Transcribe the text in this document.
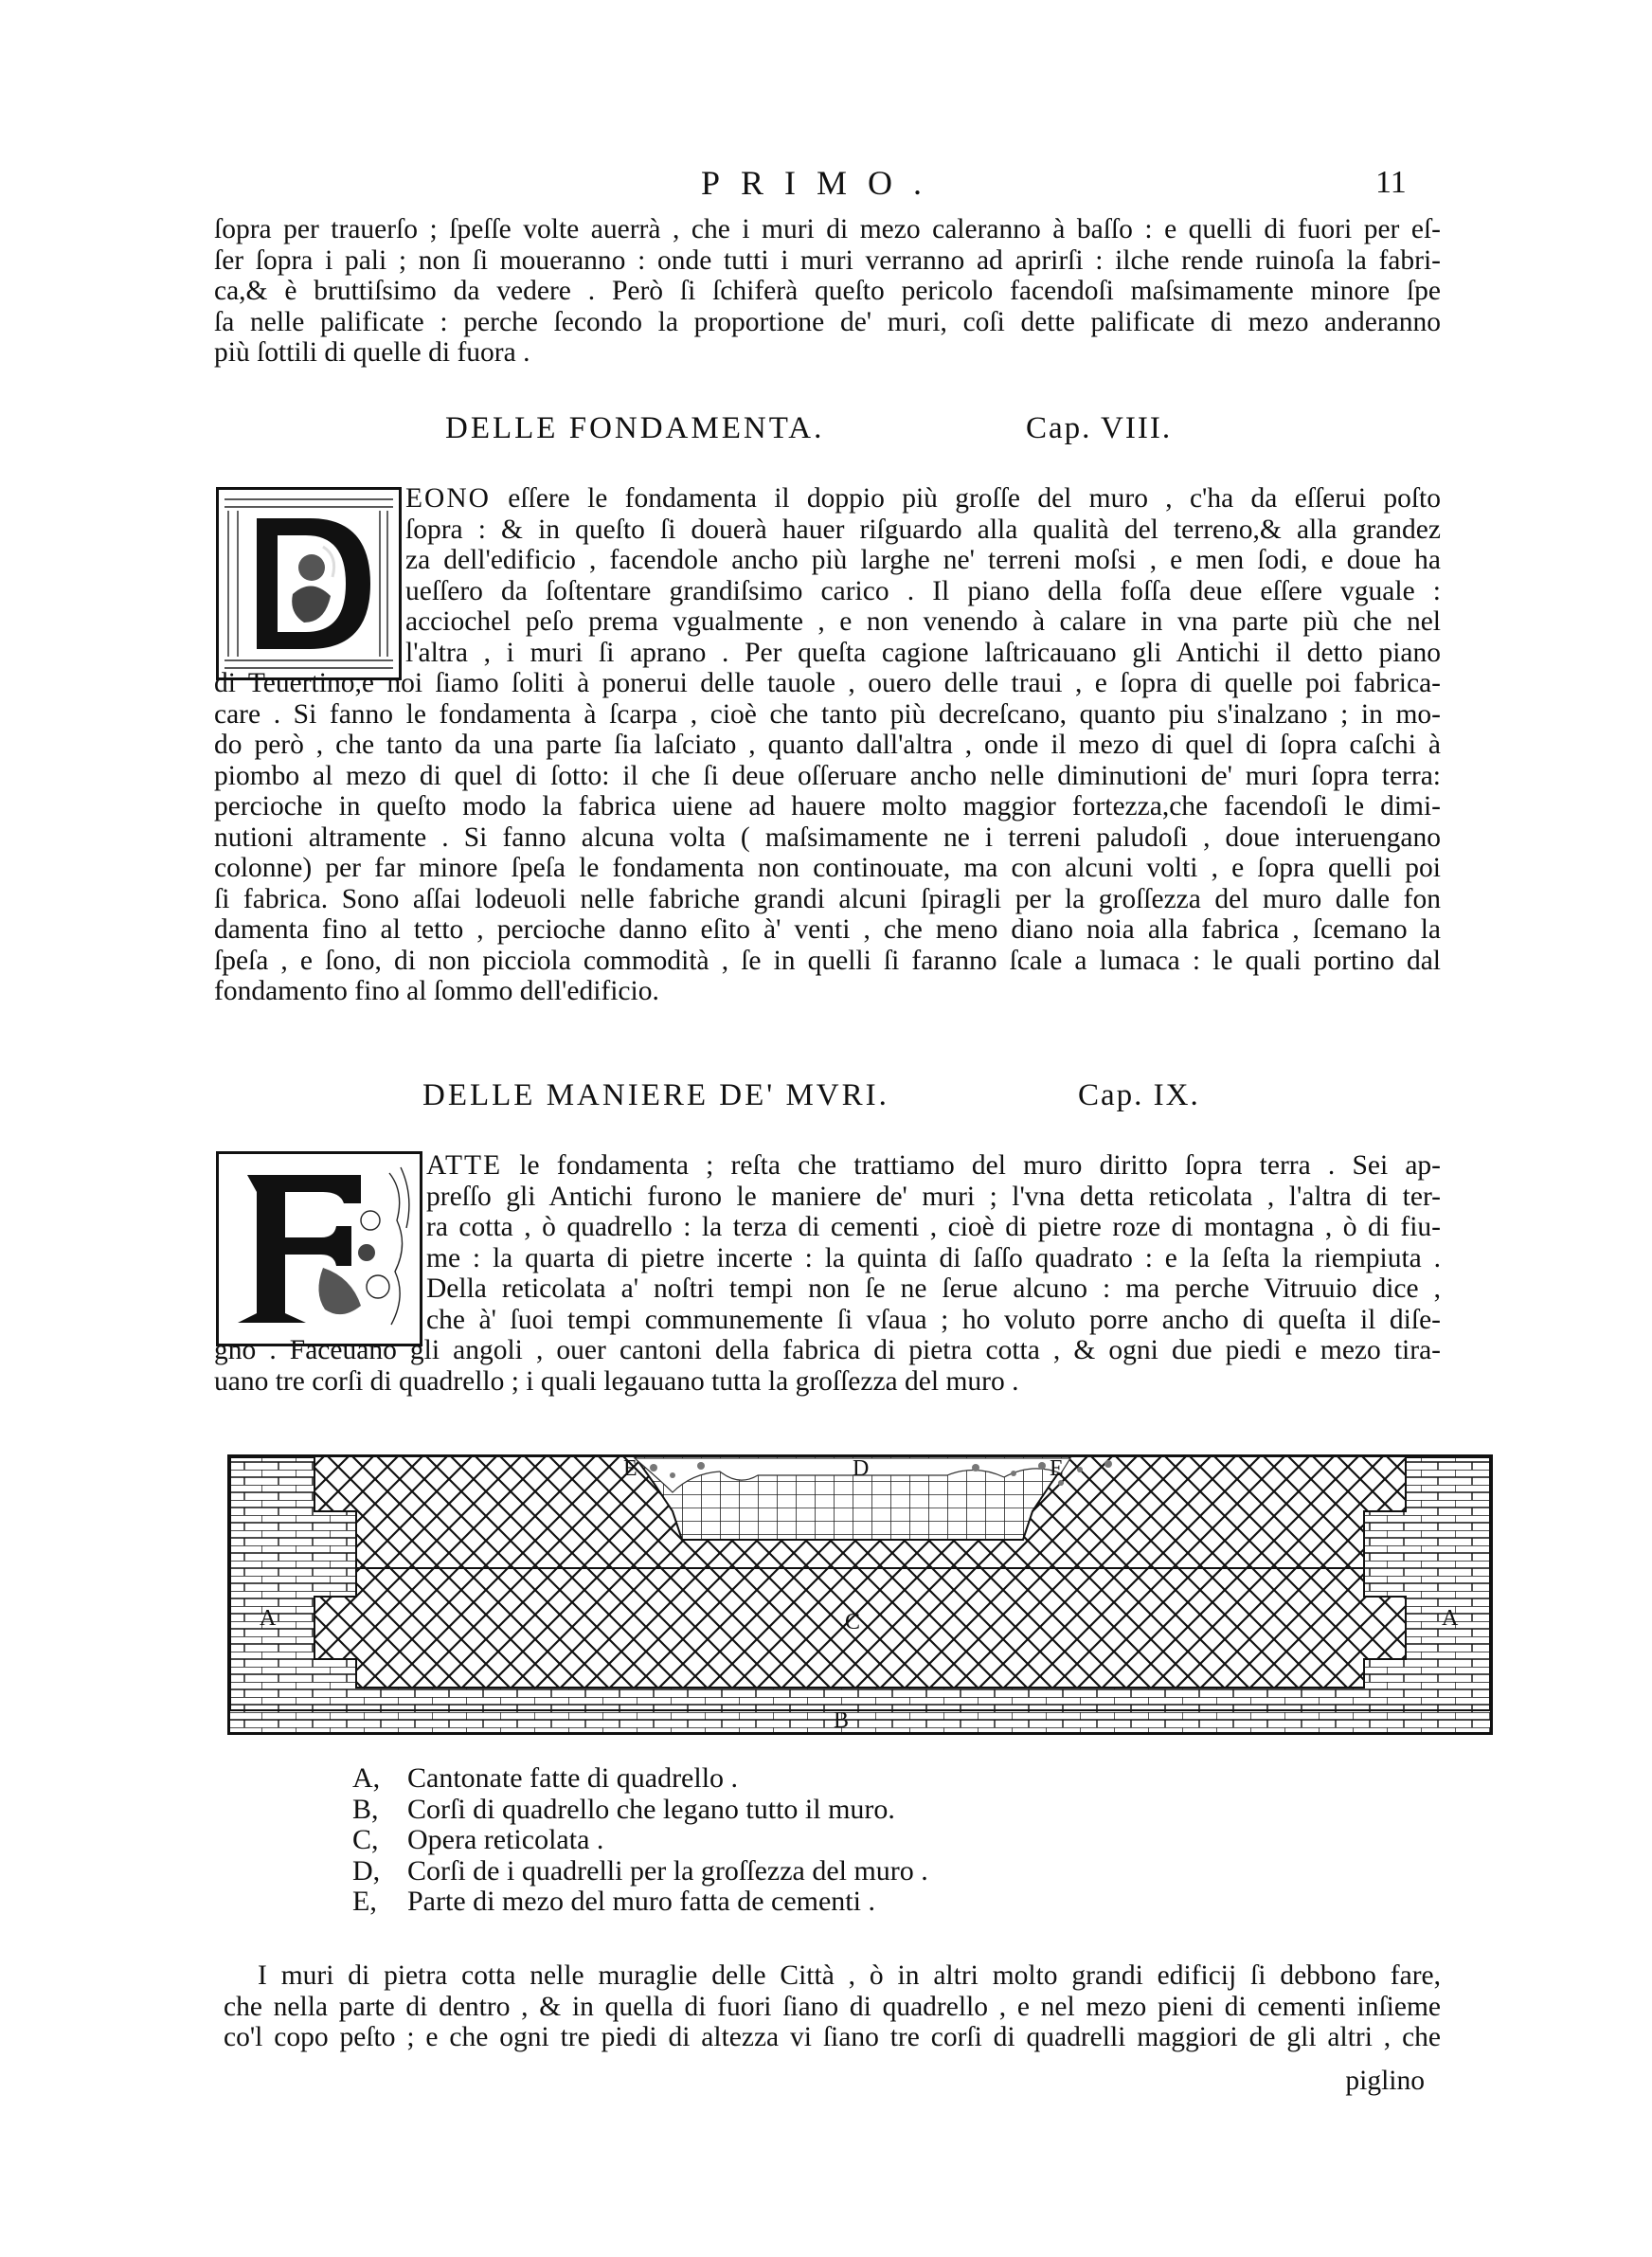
PRIMO.	11
ſopra per trauerſo ; ſpeſſe volte auerrà , che i muri di mezo caleranno à baſſo : e quelli di fuori per eſ-
ſer ſopra i pali ; non ſi moueranno : onde tutti i muri verranno ad aprirſi : ilche rende ruinoſa la fabri-
ca,& è bruttiſsimo da vedere . Però ſi ſchiferà queſto pericolo facendoſi maſsimamente minore ſpe
ſa nelle palificate : perche ſecondo la proportione de' muri, coſi dette palificate di mezo anderanno
più ſottili di quelle di fuora .
DELLE FONDAMENTA.	Cap. VIII.
EONO eſſere le fondamenta il doppio più groſſe del muro , c'ha da eſſerui poſto
ſopra : & in queſto ſi douerà hauer riſguardo alla qualità del terreno,& alla grandez
za dell'edificio , facendole ancho più larghe ne' terreni moſsi , e men ſodi, e doue ha
ueſſero da ſoſtentare grandiſsimo carico . Il piano della foſſa deue eſſere vguale :
acciochel peſo prema vgualmente , e non venendo à calare in vna parte più che nel
l'altra , i muri ſi aprano . Per queſta cagione laſtricauano gli Antichi il detto piano
di Teuertino,e noi ſiamo ſoliti à ponerui delle tauole , ouero delle traui , e ſopra di quelle poi fabrica-
care . Si fanno le fondamenta à ſcarpa , cioè che tanto più decreſcano, quanto piu s'inalzano ; in mo-
do però , che tanto da una parte ſia laſciato , quanto dall'altra , onde il mezo di quel di ſopra caſchi à
piombo al mezo di quel di ſotto: il che ſi deue oſſeruare ancho nelle diminutioni de' muri ſopra terra:
percioche in queſto modo la fabrica uiene ad hauere molto maggior fortezza,che facendoſi le dimi-
nutioni altramente . Si fanno alcuna volta ( maſsimamente ne i terreni paludoſi , doue interuengano
colonne) per far minore ſpeſa le fondamenta non continouate, ma con alcuni volti , e ſopra quelli poi
ſi fabrica. Sono aſſai lodeuoli nelle fabriche grandi alcuni ſpiragli per la groſſezza del muro dalle fon
damenta fino al tetto , percioche danno eſito à' venti , che meno diano noia alla fabrica , ſcemano la
ſpeſa , e ſono, di non picciola commodità , ſe in quelli ſi faranno ſcale a lumaca : le quali portino dal
fondamento fino al ſommo dell'edificio.
DELLE MANIERE DE' MVRI.	Cap. IX.
ATTE le fondamenta ; reſta che trattiamo del muro diritto ſopra terra . Sei ap-
preſſo gli Antichi furono le maniere de' muri ; l'vna detta reticolata , l'altra di ter-
ra cotta , ò quadrello : la terza di cementi , cioè di pietre roze di montagna , ò di fiu-
me : la quarta di pietre incerte : la quinta di ſaſſo quadrato : e la ſeſta la riempiuta .
Della reticolata a' noſtri tempi non ſe ne ſerue alcuno : ma perche Vitruuio dice ,
che à' ſuoi tempi communemente ſi vſaua ; ho voluto porre ancho di queſta il diſe-
gno . Faceuano gli angoli , ouer cantoni della fabrica di pietra cotta , & ogni due piedi e mezo tira-
uano tre corſi di quadrello ; i quali legauano tutta la groſſezza del muro .
D
E	E
A	A
C
B
A, Cantonate fatte di quadrello .
B, Corſi di quadrello che legano tutto il muro.
C, Opera reticolata .
D, Corſi de i quadrelli per la groſſezza del muro .
E, Parte di mezo del muro fatta de cementi .
I muri di pietra cotta nelle muraglie delle Città , ò in altri molto grandi edificij ſi debbono fare,
che nella parte di dentro , & in quella di fuori ſiano di quadrello , e nel mezo pieni di cementi inſieme
co'l copo peſto ; e che ogni tre piedi di altezza vi ſiano tre corſi di quadrelli maggiori de gli altri , che
piglino
